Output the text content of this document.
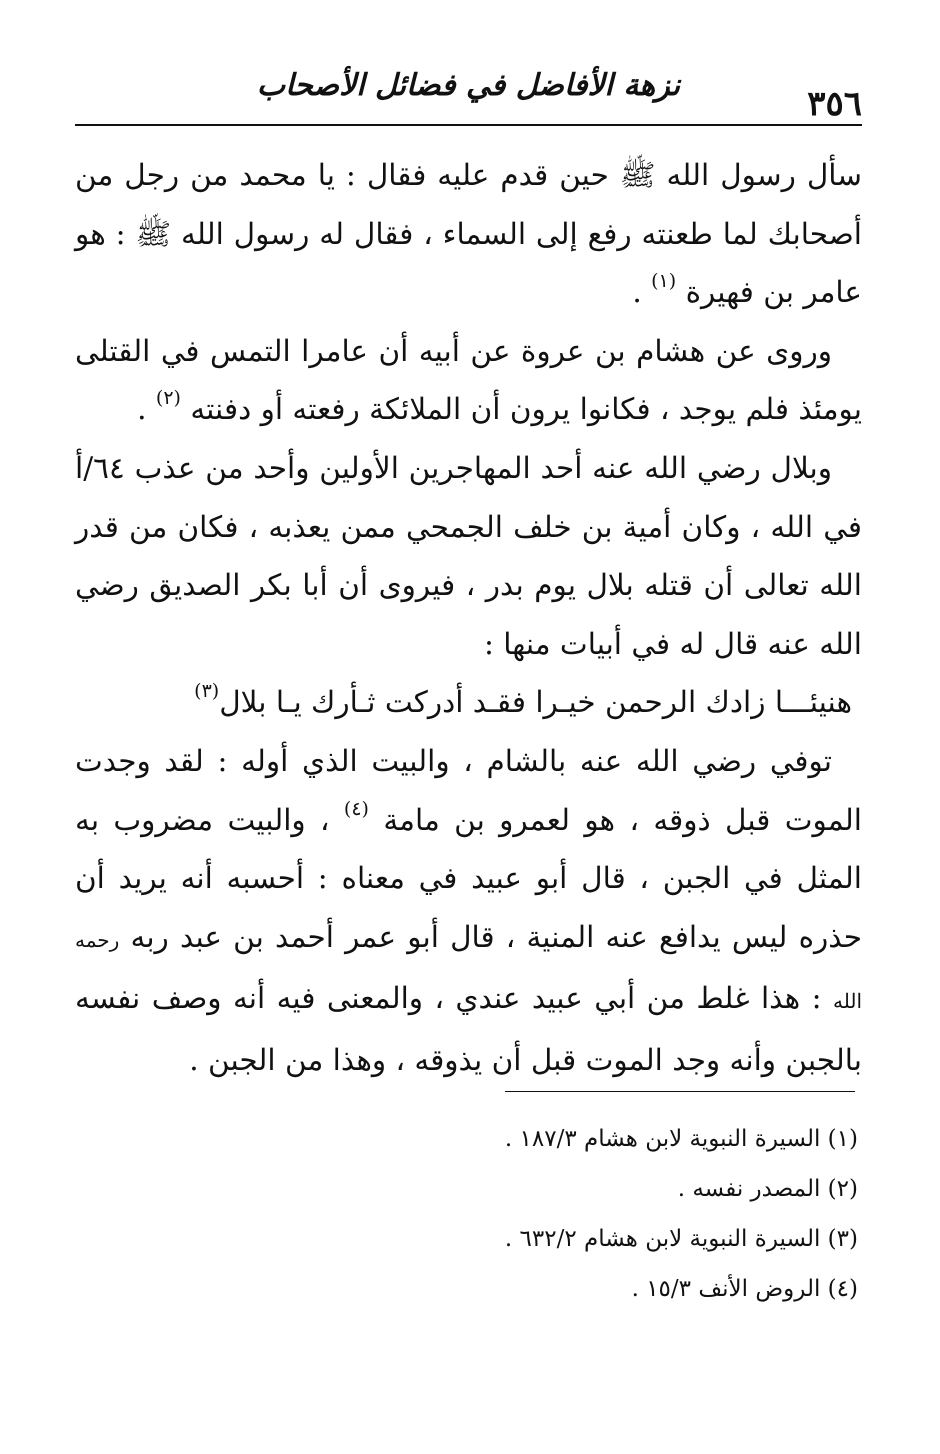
٣٥٦
نزهة الأفاضل في فضائل الأصحاب

سأل رسول الله ﷺ حين قدم عليه فقال : يا محمد من رجل من أصحابك لما طعنته رفع إلى السماء ، فقال له رسول الله ﷺ : هو عامر بن فهيرة $^{(١)}$ .

وروى عن هشام بن عروة عن أبيه أن عامرا التمس في القتلى يومئذ فلم يوجد ، فكانوا يرون أن الملائكة رفعته أو دفنته $^{(٢)}$ .

وبلال رضي الله عنه أحد المهاجرين الأولين وأحد من عذب ٦٤/أ في الله ، وكان أمية بن خلف الجمحي ممن يعذبه ، فكان من قدر الله تعالى أن قتله بلال يوم بدر ، فيروى أن أبا بكر الصديق رضي الله عنه قال له في أبيات منها :

هنيئـــا زادك الرحمن خيـرا فقـد أدركت ثـأرك يـا بلال$^{(٣)}$

توفي رضي الله عنه بالشام ، والبيت الذي أوله : لقد وجدت الموت قبل ذوقه ، هو لعمرو بن مامة $^{(٤)}$ ، والبيت مضروب به المثل في الجبن ، قال أبو عبيد في معناه : أحسبه أنه يريد أن حذره ليس يدافع عنه المنية ، قال أبو عمر أحمد بن عبد ربه رحمه الله : هذا غلط من أبي عبيد عندي ، والمعنى فيه أنه وصف نفسه بالجبن وأنه وجد الموت قبل أن يذوقه ، وهذا من الجبن .

(١) السيرة النبوية لابن هشام ١٨٧/٣ .

(٢) المصدر نفسه .

(٣) السيرة النبوية لابن هشام ٦٣٢/٢ .

(٤) الروض الأنف ١٥/٣ .
